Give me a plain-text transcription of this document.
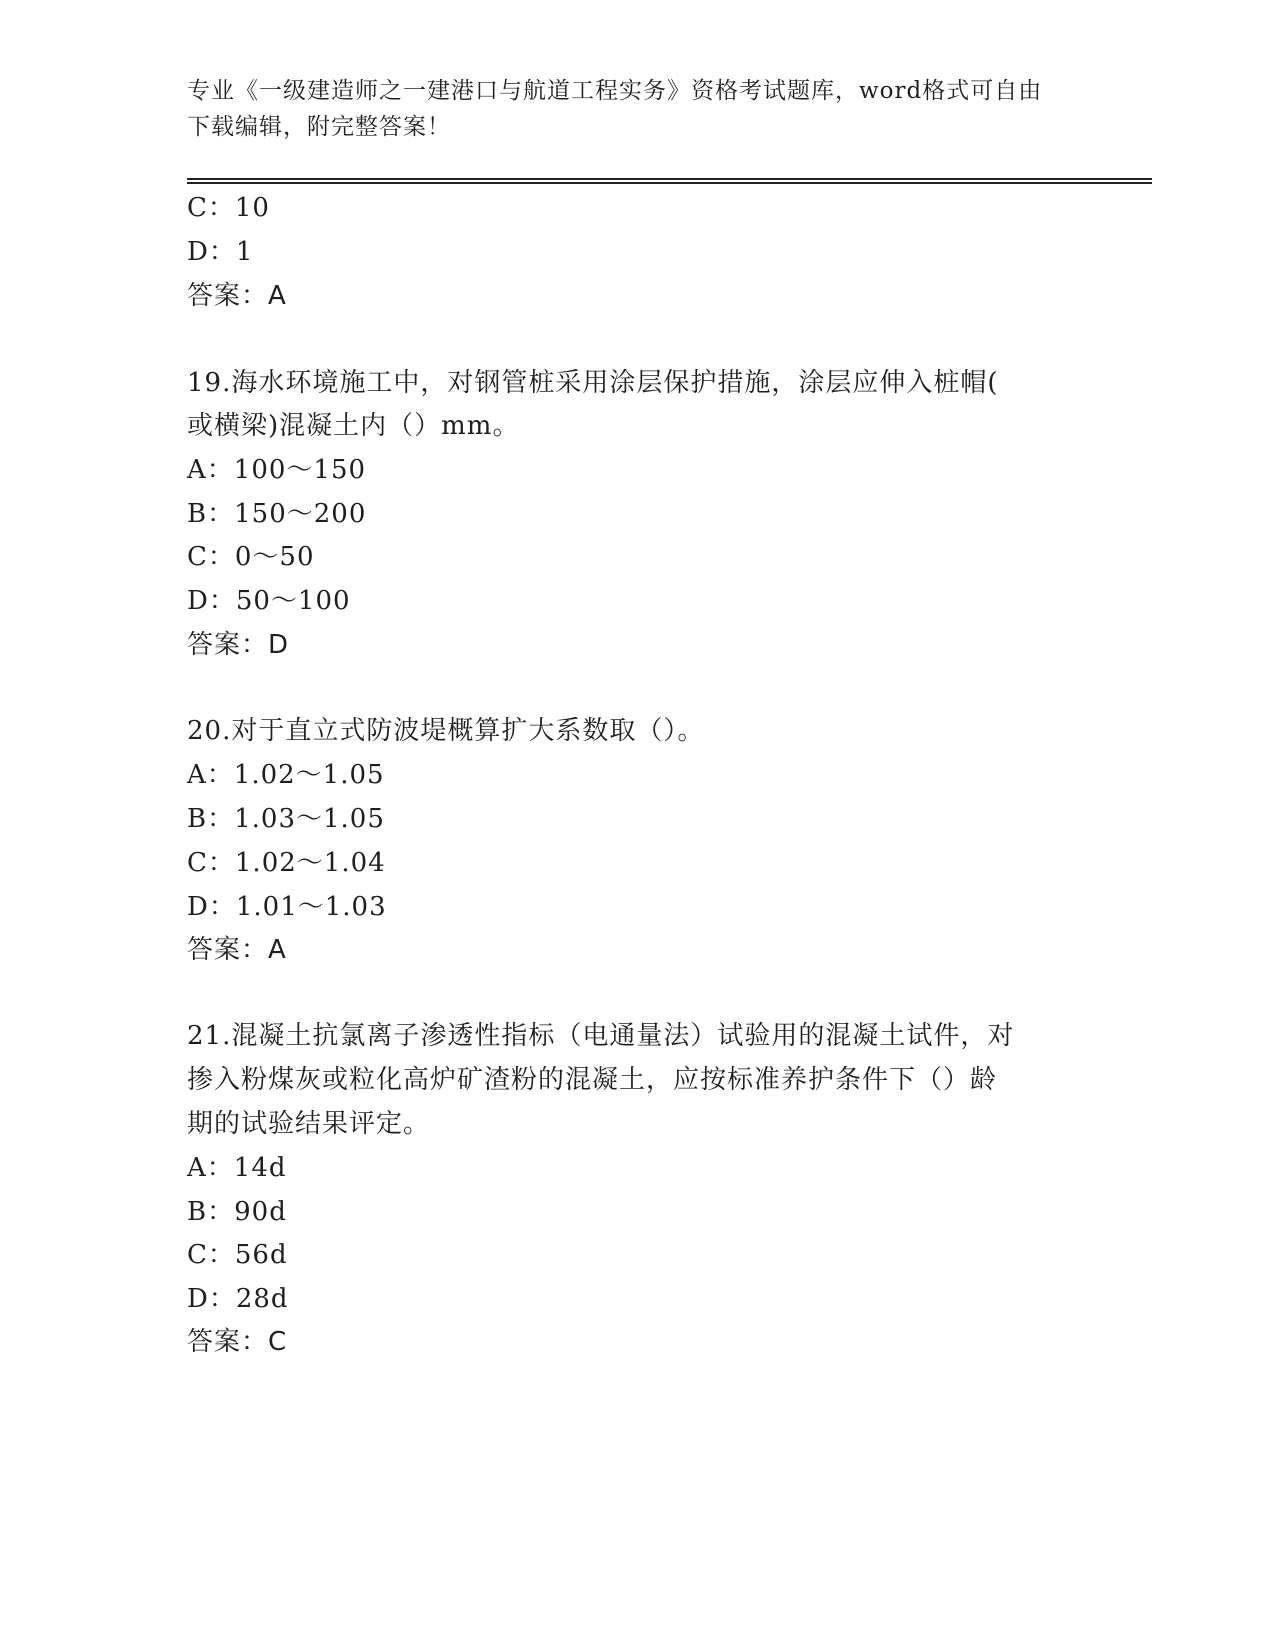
专业《一级建造师之一建港口与航道工程实务》资格考试题库，word格式可自由
下载编辑，附完整答案！
C：10
D：1
答案：A
19.海水环境施工中，对钢管桩采用涂层保护措施，涂层应伸入桩帽(
或横梁)混凝土内（）mm。
A：100～150
B：150～200
C：0～50
D：50～100
答案：D
20.对于直立式防波堤概算扩大系数取（）。
A：1.02～1.05
B：1.03～1.05
C：1.02～1.04
D：1.01～1.03
答案：A
21.混凝土抗氯离子渗透性指标（电通量法）试验用的混凝土试件，对
掺入粉煤灰或粒化高炉矿渣粉的混凝土，应按标准养护条件下（）龄
期的试验结果评定。
A：14d
B：90d
C：56d
D：28d
答案：C
